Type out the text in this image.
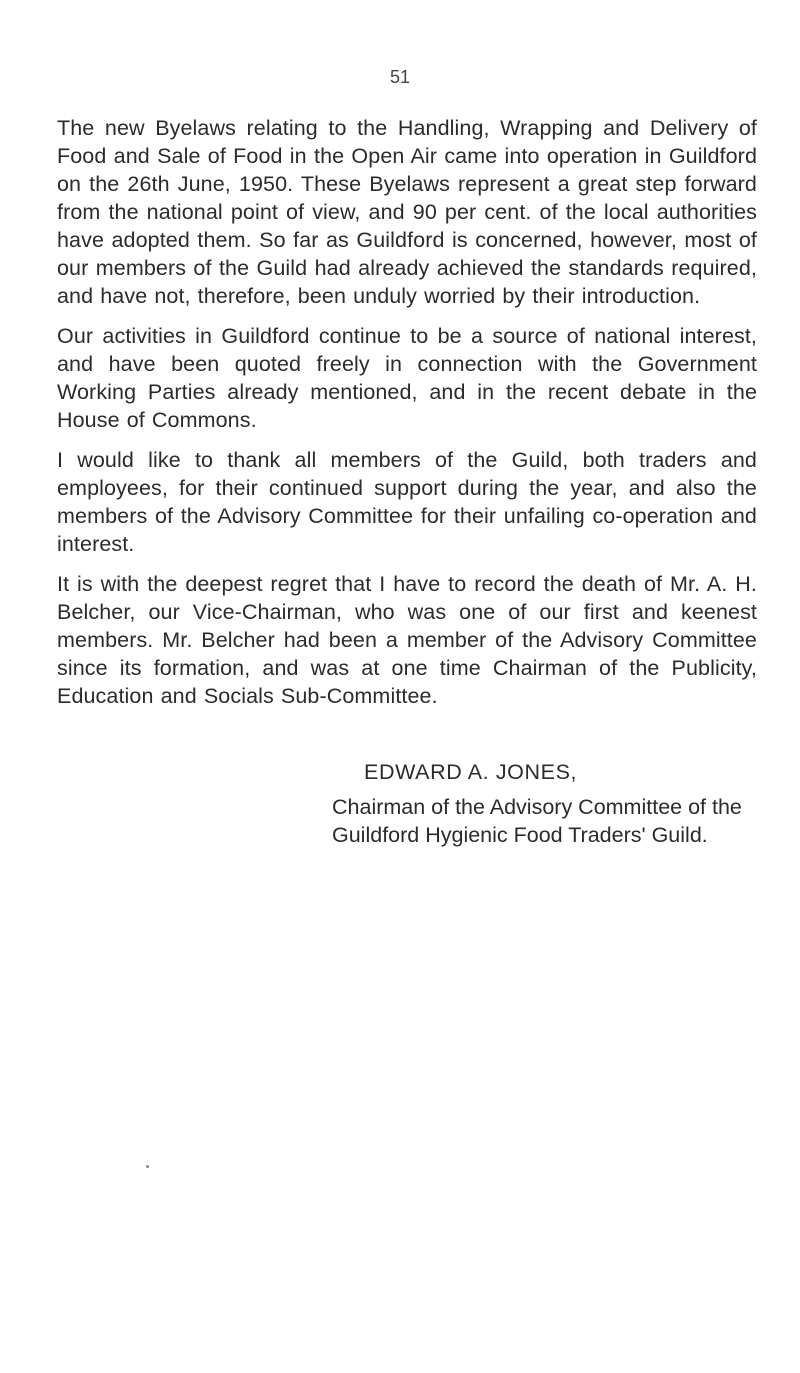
51

The new Byelaws relating to the Handling, Wrapping and Delivery of Food and Sale of Food in the Open Air came into operation in Guildford on the 26th June, 1950. These Byelaws represent a great step forward from the national point of view, and 90 per cent. of the local authorities have adopted them. So far as Guildford is concerned, however, most of our members of the Guild had already achieved the standards required, and have not, therefore, been unduly worried by their introduction.

Our activities in Guildford continue to be a source of national interest, and have been quoted freely in connection with the Government Working Parties already mentioned, and in the recent debate in the House of Commons.

I would like to thank all members of the Guild, both traders and employees, for their continued support during the year, and also the members of the Advisory Committee for their unfailing co-operation and interest.

It is with the deepest regret that I have to record the death of Mr. A. H. Belcher, our Vice-Chairman, who was one of our first and keenest members. Mr. Belcher had been a member of the Advisory Committee since its formation, and was at one time Chairman of the Publicity, Education and Socials Sub-Committee.

EDWARD A. JONES,
Chairman of the Advisory Committee of the Guildford Hygienic Food Traders' Guild.
